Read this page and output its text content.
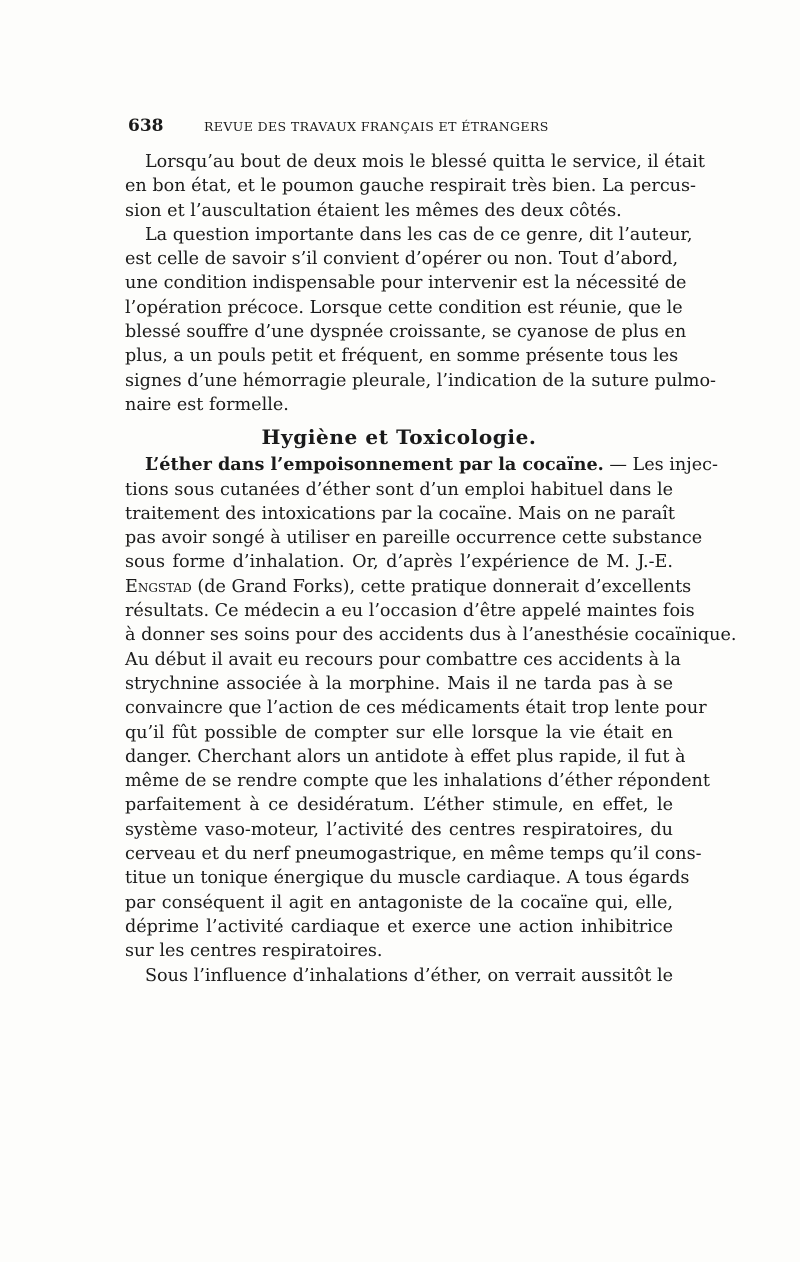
638	REVUE DES TRAVAUX FRANÇAIS ET ÉTRANGERS
Lorsqu’au bout de deux mois le blessé quitta le service, il était
en bon état, et le poumon gauche respirait très bien. La percus-
sion et l’auscultation étaient les mêmes des deux côtés.
La question importante dans les cas de ce genre, dit l’auteur,
est celle de savoir s’il convient d’opérer ou non. Tout d’abord,
une condition indispensable pour intervenir est la nécessité de
l’opération précoce. Lorsque cette condition est réunie, que le
blessé souffre d’une dyspnée croissante, se cyanose de plus en
plus, a un pouls petit et fréquent, en somme présente tous les
signes d’une hémorragie pleurale, l’indication de la suture pulmo-
naire est formelle.
Hygiène et Toxicologie.
L’éther dans l’empoisonnement par la cocaïne. — Les injec-
tions sous cutanées d’éther sont d’un emploi habituel dans le
traitement des intoxications par la cocaïne. Mais on ne paraît
pas avoir songé à utiliser en pareille occurrence cette substance
sous forme d’inhalation. Or, d’après l’expérience de M. J.-E.
Engstad (de Grand Forks), cette pratique donnerait d’excellents
résultats. Ce médecin a eu l’occasion d’être appelé maintes fois
à donner ses soins pour des accidents dus à l’anesthésie cocaïnique.
Au début il avait eu recours pour combattre ces accidents à la
strychnine associée à la morphine. Mais il ne tarda pas à se
convaincre que l’action de ces médicaments était trop lente pour
qu’il fût possible de compter sur elle lorsque la vie était en
danger. Cherchant alors un antidote à effet plus rapide, il fut à
même de se rendre compte que les inhalations d’éther répondent
parfaitement à ce desidératum. L’éther stimule, en effet, le
système vaso-moteur, l’activité des centres respiratoires, du
cerveau et du nerf pneumogastrique, en même temps qu’il cons-
titue un tonique énergique du muscle cardiaque. A tous égards
par conséquent il agit en antagoniste de la cocaïne qui, elle,
déprime l’activité cardiaque et exerce une action inhibitrice
sur les centres respiratoires.
Sous l’influence d’inhalations d’éther, on verrait aussitôt le
